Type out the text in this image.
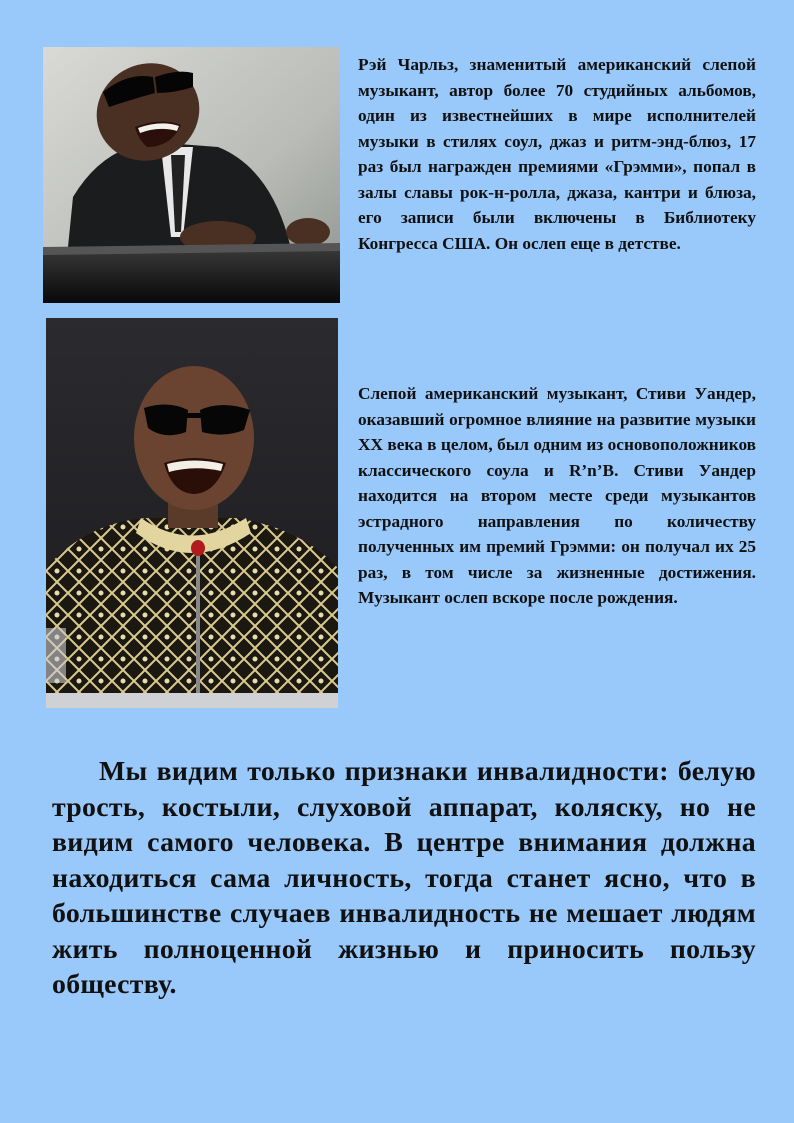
Рэй Чарльз, знаменитый американский слепой музыкант, автор более 70 студийных альбомов, один из известнейших в мире исполнителей музыки в стилях соул, джаз и ритм-энд-блюз, 17 раз был награжден премиями «Грэмми», попал в залы славы рок-н-ролла, джаза, кантри и блюза, его записи были включены в Библиотеку Конгресса США. Он ослеп еще в детстве.

Слепой американский музыкант, Стиви Уандер, оказавший огромное влияние на развитие музыки XX века в целом, был одним из основоположников классического соула и R’n’B. Стиви Уандер находится на втором месте среди музыкантов эстрадного направления по количеству полученных им премий Грэмми: он получал их 25 раз, в том числе за жизненные достижения. Музыкант ослеп вскоре после рождения.

Мы видим только признаки инвалидности: белую трость, костыли, слуховой аппарат, коляску, но не видим самого человека. В центре внимания должна находиться сама личность, тогда станет ясно, что в большинстве случаев инвалидность не мешает людям жить полноценной жизнью и приносить пользу обществу.
